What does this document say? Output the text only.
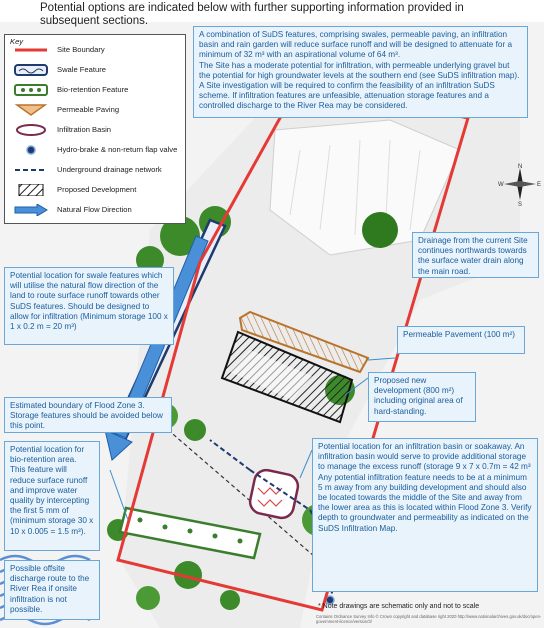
Potential options are indicated below with further supporting information provided in subsequent sections.
Key
Site Boundary
Swale Feature
Bio-retention Feature
Permeable Paving
Infiltration Basin
Hydro-brake & non-return flap valve
Underground drainage network
Proposed Development
Natural Flow Direction
A combination of SuDS features, comprising swales, permeable paving, an infiltration basin and rain garden will reduce surface runoff and will be designed to attenuate for a minimum of 32 m³ with an aspirational volume of 64 m³.
The Site has a moderate potential for infiltration, with permeable underlying gravel but the potential for high groundwater levels at the southern end (see SuDS infiltration map). A Site investigation will be required to confirm the feasibility of an infiltration SuDS scheme. If infiltration features are unfeasible, attenuation storage features and a controlled discharge to the River Rea may be considered.
Drainage from the current Site continues northwards towards the surface water drain along the main road.
Potential location for swale features which will utilise the natural flow direction of the land to route surface runoff towards other SuDS features. Should be designed to allow for infiltration (Minimum storage 100 x 1 x 0.2 m = 20 m³)
Permeable Pavement (100 m²)
Proposed new development (800 m²) including original area of hard-standing.
Estimated boundary of Flood Zone 3. Storage features should be avoided below this point.
Potential location for bio-retention area. This feature will reduce surface runoff and improve water quality by intercepting the first 5 mm of (minimum storage 30 x 10 x 0.005 = 1.5 m³).
Potential location for an infiltration basin or soakaway. An infiltration basin would serve to provide additional storage to manage the excess runoff (storage 9 x 7 x 0.7m = 42 m³
Any potential infiltration feature needs to be at a minimum 5 m away from any building development and should also be located towards the middle of the Site and away from the lower area as this is located within Flood Zone 3. Verify depth to groundwater and permeability as indicated on the SuDS Infiltration Map.
Possible offsite discharge route to the River Rea if onsite infiltration is not possible.
N
S
E
W
* Note drawings are schematic only and not to scale
Contains Ordnance Survey Info © Crown copyright and database right 2020 http://www.nationalarchives.gov.uk/doc/open-government-licence/version/3/
